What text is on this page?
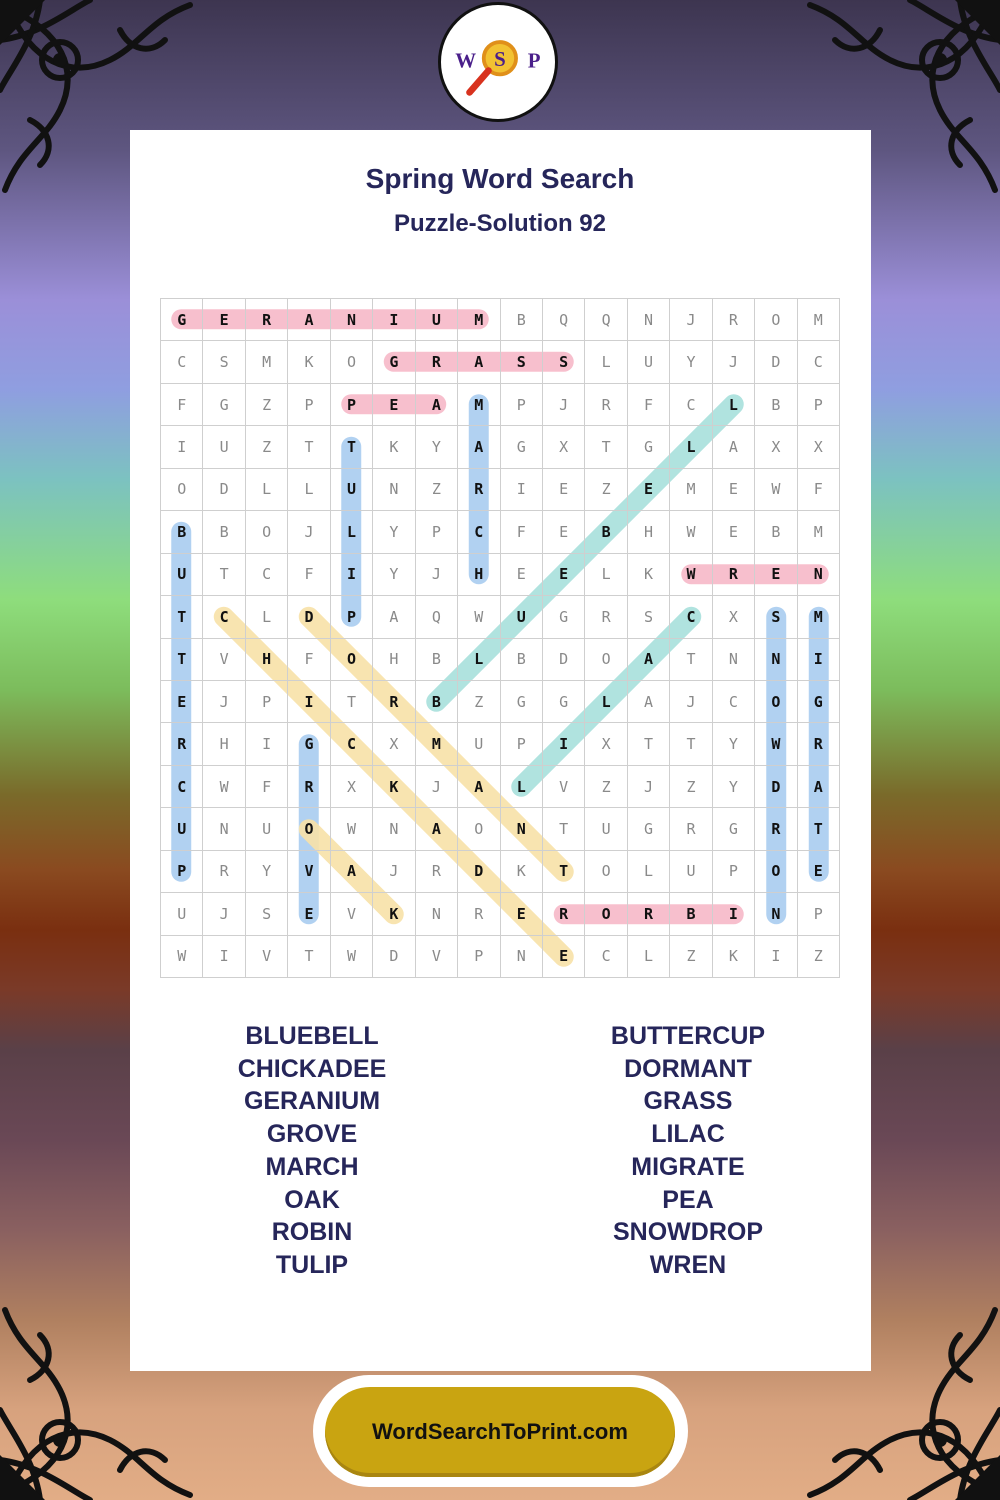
W S P
Spring Word Search
Puzzle-Solution 92
G	E	R	A	N	I	U	M	B	Q	Q	N	J	R	O	M
C	S	M	K	O	G	R	A	S	S	L	U	Y	J	D	C
F	G	Z	P	P	E	A	M	P	J	R	F	C	L	B	P
I	U	Z	T	T	K	Y	A	G	X	T	G	L	A	X	X
O	D	L	L	U	N	Z	R	I	E	Z	E	M	E	W	F
B	B	O	J	L	Y	P	C	F	E	B	H	W	E	B	M
U	T	C	F	I	Y	J	H	E	E	L	K	W	R	E	N
T	C	L	D	P	A	Q	W	U	G	R	S	C	X	S	M
T	V	H	F	O	H	B	L	B	D	O	A	T	N	N	I
E	J	P	I	T	R	B	Z	G	G	L	A	J	C	O	G
R	H	I	G	C	X	M	U	P	I	X	T	T	Y	W	R
C	W	F	R	X	K	J	A	L	V	Z	J	Z	Y	D	A
U	N	U	O	W	N	A	O	N	T	U	G	R	G	R	T
P	R	Y	V	A	J	R	D	K	T	O	L	U	P	O	E
U	J	S	E	V	K	N	R	E	R	O	R	B	I	N	P
W	I	V	T	W	D	V	P	N	E	C	L	Z	K	I	Z
BLUEBELL
CHICKADEE
GERANIUM
GROVE
MARCH
OAK
ROBIN
TULIP
BUTTERCUP
DORMANT
GRASS
LILAC
MIGRATE
PEA
SNOWDROP
WREN
WordSearchToPrint.com
